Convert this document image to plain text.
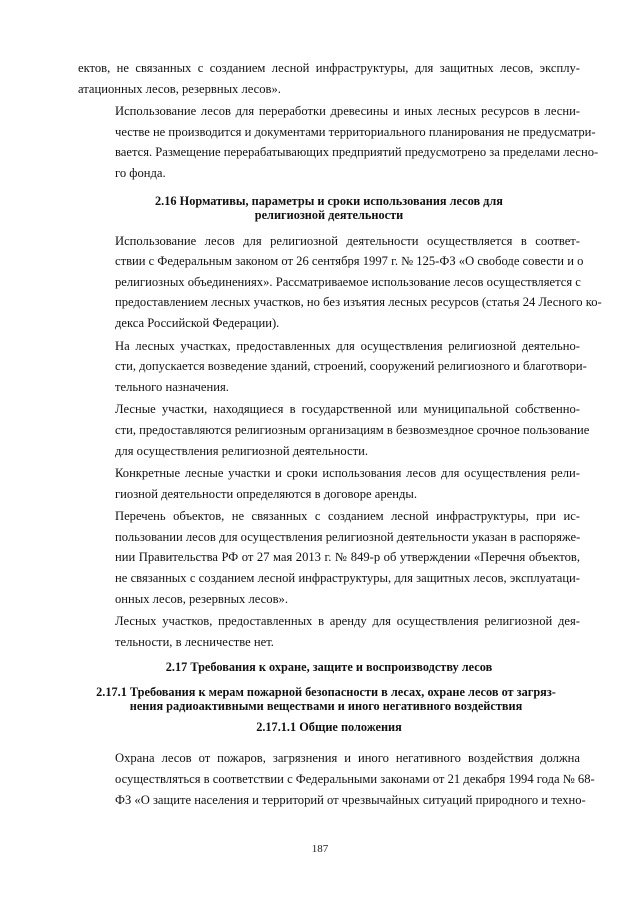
ектов, не связанных с созданием лесной инфраструктуры, для защитных лесов, эксплу-
атационных лесов, резервных лесов».
Использование лесов для переработки древесины и иных лесных ресурсов в лесни-
честве не производится и документами территориального планирования не предусматри-
вается. Размещение перерабатывающих предприятий предусмотрено за пределами лесно-
го фонда.
2.16 Нормативы, параметры и сроки использования лесов для
религиозной деятельности
Использование лесов для религиозной деятельности осуществляется в соответ-
ствии с Федеральным законом от 26 сентября 1997 г. № 125-ФЗ «О свободе совести и о
религиозных объединениях». Рассматриваемое использование лесов осуществляется с
предоставлением лесных участков, но без изъятия лесных ресурсов (статья 24 Лесного ко-
декса Российской Федерации).
На лесных участках, предоставленных для осуществления религиозной деятельно-
сти, допускается возведение зданий, строений, сооружений религиозного и благотвори-
тельного назначения.
Лесные участки, находящиеся в государственной или муниципальной собственно-
сти, предоставляются религиозным организациям в безвозмездное срочное пользование
для осуществления религиозной деятельности.
Конкретные лесные участки и сроки использования лесов для осуществления рели-
гиозной деятельности определяются в договоре аренды.
Перечень объектов, не связанных с созданием лесной инфраструктуры, при ис-
пользовании лесов для осуществления религиозной деятельности указан в распоряже-
нии Правительства РФ от 27 мая 2013 г. № 849-р об утверждении «Перечня объектов,
не связанных с созданием лесной инфраструктуры, для защитных лесов, эксплуатаци-
онных лесов, резервных лесов».
Лесных участков, предоставленных в аренду для осуществления религиозной дея-
тельности, в лесничестве нет.
2.17 Требования к охране, защите и воспроизводству лесов
2.17.1 Требования к мерам пожарной безопасности в лесах, охране лесов от загряз-
нения радиоактивными веществами и иного негативного воздействия
2.17.1.1 Общие положения
Охрана лесов от пожаров, загрязнения и иного негативного воздействия должна
осуществляться в соответствии с Федеральными законами от 21 декабря 1994 года № 68-
ФЗ «О защите населения и территорий от чрезвычайных ситуаций природного и техно-
187
